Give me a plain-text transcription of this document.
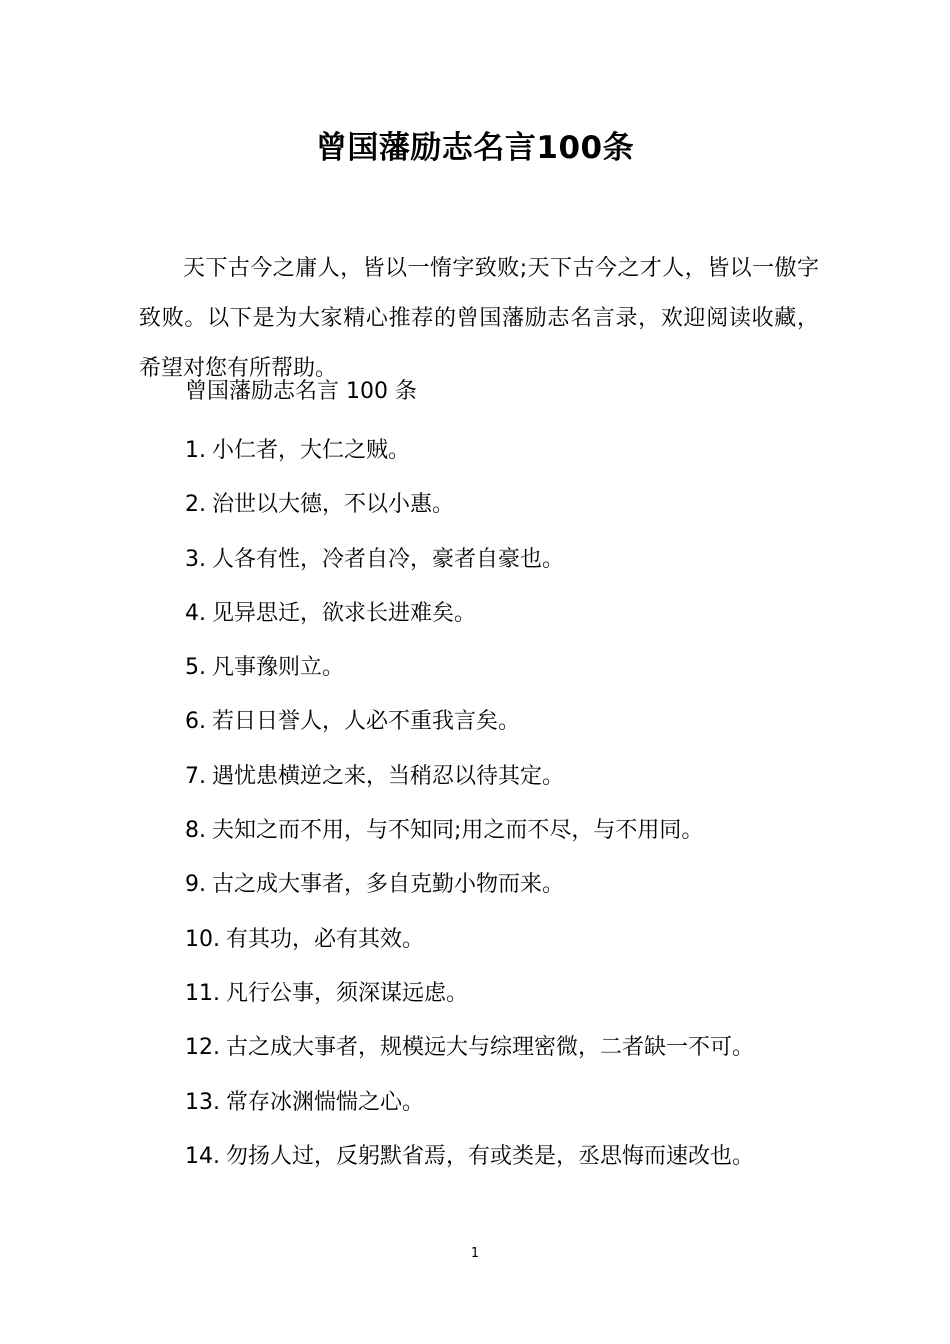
曾国藩励志名言100条

天下古今之庸人，皆以一惰字致败;天下古今之才人，皆以一傲字致败。以下是为大家精心推荐的曾国藩励志名言录，欢迎阅读收藏，希望对您有所帮助。

曾国藩励志名言 100 条
1. 小仁者，大仁之贼。
2. 治世以大德，不以小惠。
3. 人各有性，冷者自冷，豪者自豪也。
4. 见异思迁，欲求长进难矣。
5. 凡事豫则立。
6. 若日日誉人，人必不重我言矣。
7. 遇忧患横逆之来，当稍忍以待其定。
8. 夫知之而不用，与不知同;用之而不尽，与不用同。
9. 古之成大事者，多自克勤小物而来。
10. 有其功，必有其效。
11. 凡行公事，须深谋远虑。
12. 古之成大事者，规模远大与综理密微，二者缺一不可。
13. 常存冰渊惴惴之心。
14. 勿扬人过，反躬默省焉，有或类是，丞思悔而速改也。
1
